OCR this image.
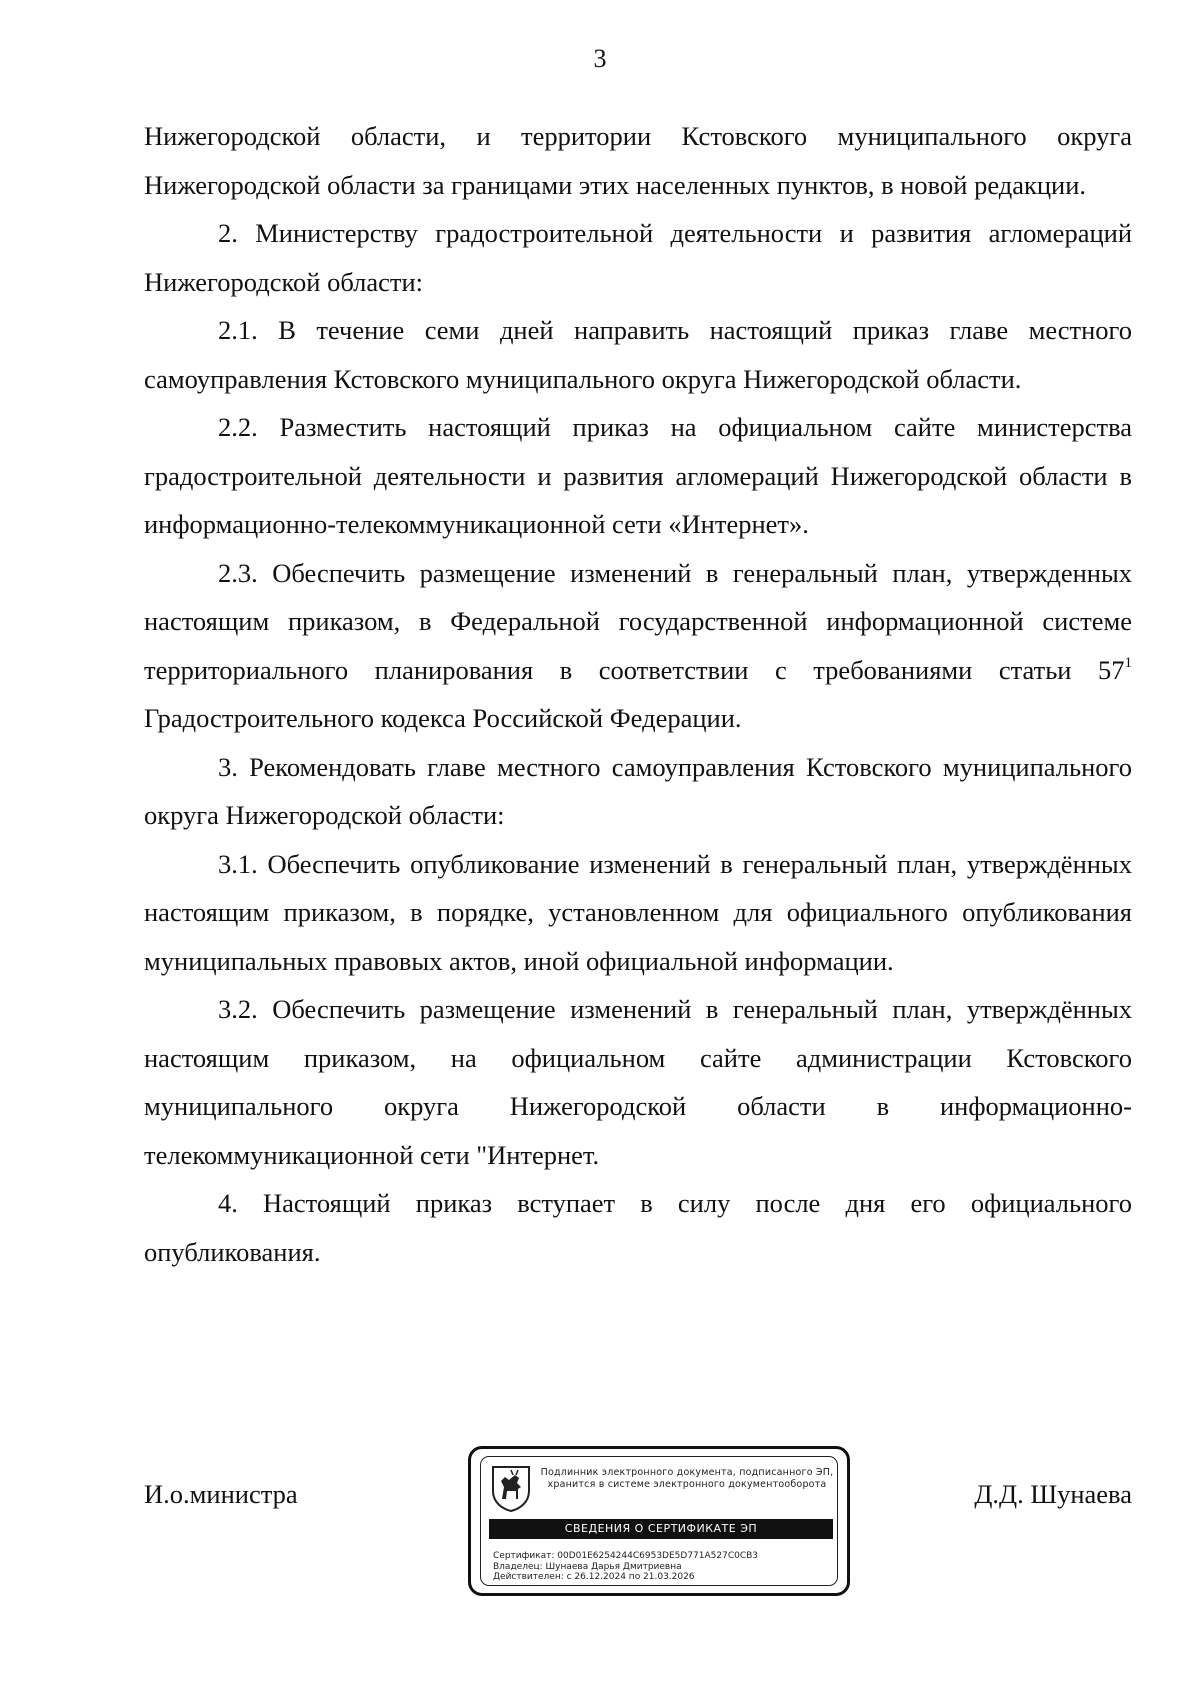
3

Нижегородской области, и территории Кстовского муниципального округа Нижегородской области за границами этих населенных пунктов, в новой редакции.

2. Министерству градостроительной деятельности и развития агломераций Нижегородской области:

2.1. В течение семи дней направить настоящий приказ главе местного самоуправления Кстовского муниципального округа Нижегородской области.

2.2. Разместить настоящий приказ на официальном сайте министерства градостроительной деятельности и развития агломераций Нижегородской области в информационно-телекоммуникационной сети «Интернет».

2.3. Обеспечить размещение изменений в генеральный план, утвержденных настоящим приказом, в Федеральной государственной информационной системе территориального планирования в соответствии с требованиями статьи $57^1$

Градостроительного кодекса Российской Федерации.

3. Рекомендовать главе местного самоуправления Кстовского муниципального округа Нижегородской области:

3.1. Обеспечить опубликование изменений в генеральный план, утверждённых настоящим приказом, в порядке, установленном для официального опубликования муниципальных правовых актов, иной официальной информации.

3.2. Обеспечить размещение изменений в генеральный план, утверждённых настоящим приказом, на официальном сайте администрации Кстовского муниципального округа Нижегородской области в информационно-телекоммуникационной сети "Интернет.

4. Настоящий приказ вступает в силу после дня его официального опубликования.

И.о.министра	Д.Д. Шунаева
Подлинник электронного документа, подписанного ЭП,
хранится в системе электронного документооборота
СВЕДЕНИЯ О СЕРТИФИКАТЕ ЭП
Сертификат: 00D01E6254244C6953DE5D771A527C0CB3
Владелец: Шунаева Дарья Дмитриевна
Действителен: с 26.12.2024 по 21.03.2026
